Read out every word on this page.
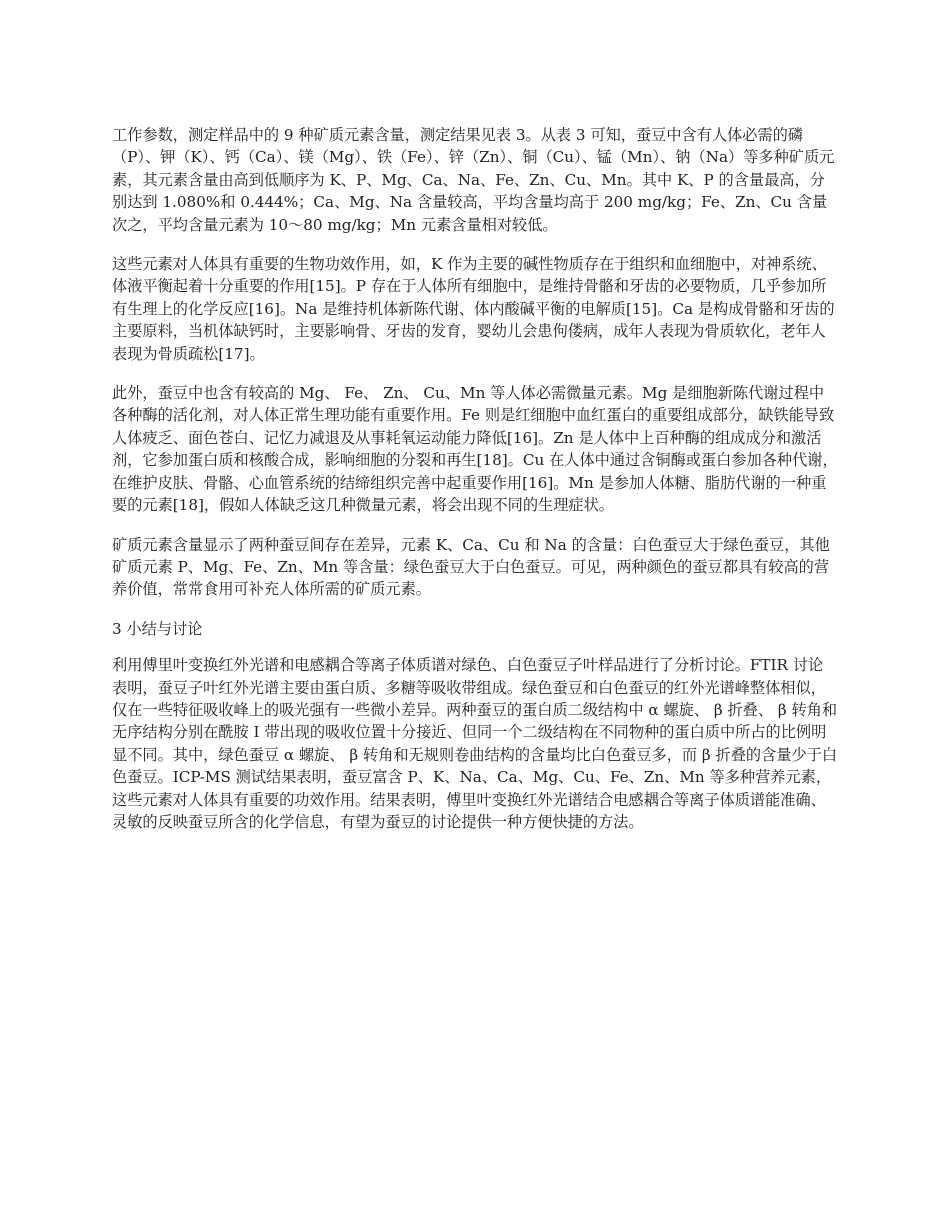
工作参数，测定样品中的 9 种矿质元素含量，测定结果见表 3。从表 3 可知，蚕豆中含有人体必需的磷（P）、钾（K）、钙（Ca）、镁（Mg）、铁（Fe）、锌（Zn）、铜（Cu）、锰（Mn）、钠（Na）等多种矿质元素，其元素含量由高到低顺序为 K、P、Mg、Ca、Na、Fe、Zn、Cu、Mn。其中 K、P 的含量最高，分别达到 1.080%和 0.444%；Ca、Mg、Na 含量较高，平均含量均高于 200 mg/kg；Fe、Zn、Cu 含量次之，平均含量元素为 10～80 mg/kg；Mn 元素含量相对较低。

这些元素对人体具有重要的生物功效作用，如，K 作为主要的碱性物质存在于组织和血细胞中，对神系统、体液平衡起着十分重要的作用[15]。P 存在于人体所有细胞中，是维持骨骼和牙齿的必要物质，几乎参加所有生理上的化学反应[16]。Na 是维持机体新陈代谢、体内酸碱平衡的电解质[15]。Ca 是构成骨骼和牙齿的主要原料，当机体缺钙时，主要影响骨、牙齿的发育，婴幼儿会患佝偻病，成年人表现为骨质软化，老年人表现为骨质疏松[17]。

此外，蚕豆中也含有较高的 Mg、 Fe、 Zn、 Cu、Mn 等人体必需微量元素。Mg 是细胞新陈代谢过程中各种酶的活化剂，对人体正常生理功能有重要作用。Fe 则是红细胞中血红蛋白的重要组成部分，缺铁能导致人体疲乏、面色苍白、记忆力减退及从事耗氧运动能力降低[16]。Zn 是人体中上百种酶的组成成分和激活剂，它参加蛋白质和核酸合成，影响细胞的分裂和再生[18]。Cu 在人体中通过含铜酶或蛋白参加各种代谢，在维护皮肤、骨骼、心血管系统的结缔组织完善中起重要作用[16]。Mn 是参加人体糖、脂肪代谢的一种重要的元素[18]，假如人体缺乏这几种微量元素，将会出现不同的生理症状。

矿质元素含量显示了两种蚕豆间存在差异，元素 K、Ca、Cu 和 Na 的含量：白色蚕豆大于绿色蚕豆，其他矿质元素 P、Mg、Fe、Zn、Mn 等含量：绿色蚕豆大于白色蚕豆。可见，两种颜色的蚕豆都具有较高的营养价值，常常食用可补充人体所需的矿质元素。

3 小结与讨论

利用傅里叶变换红外光谱和电感耦合等离子体质谱对绿色、白色蚕豆子叶样品进行了分析讨论。FTIR 讨论表明，蚕豆子叶红外光谱主要由蛋白质、多糖等吸收带组成。绿色蚕豆和白色蚕豆的红外光谱峰整体相似，仅在一些特征吸收峰上的吸光强有一些微小差异。两种蚕豆的蛋白质二级结构中 α 螺旋、 β 折叠、 β 转角和无序结构分别在酰胺 I 带出现的吸收位置十分接近、但同一个二级结构在不同物种的蛋白质中所占的比例明显不同。其中，绿色蚕豆 α 螺旋、 β 转角和无规则卷曲结构的含量均比白色蚕豆多，而 β 折叠的含量少于白色蚕豆。ICP-MS 测试结果表明，蚕豆富含 P、K、Na、Ca、Mg、Cu、Fe、Zn、Mn 等多种营养元素，这些元素对人体具有重要的功效作用。结果表明，傅里叶变换红外光谱结合电感耦合等离子体质谱能准确、灵敏的反映蚕豆所含的化学信息，有望为蚕豆的讨论提供一种方便快捷的方法。
